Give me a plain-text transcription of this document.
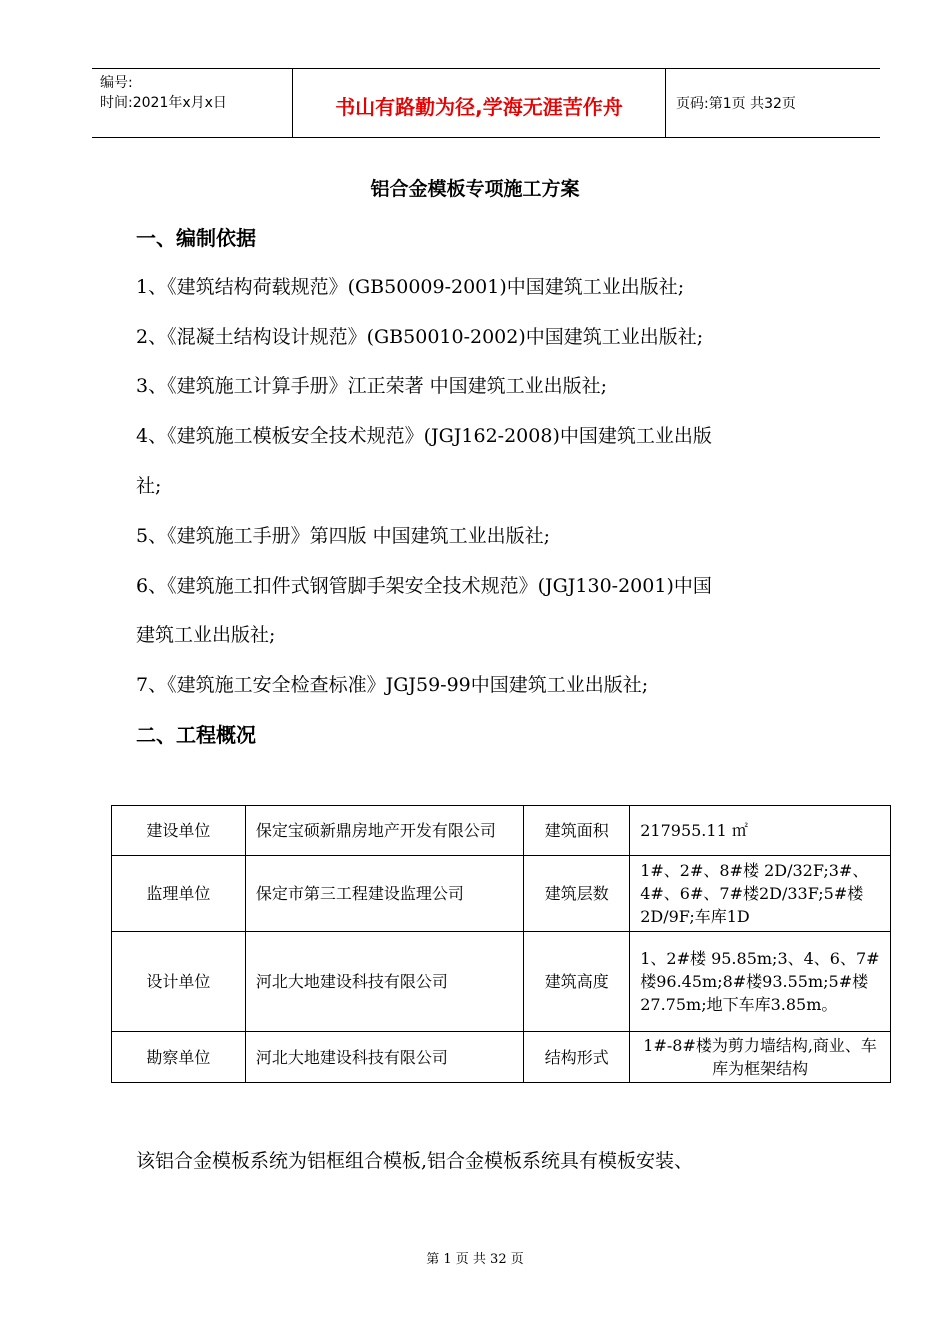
编号:
时间:2021年x月x日	书山有路勤为径,学海无涯苦作舟	页码:第1页 共32页
铝合金模板专项施工方案
一、编制依据
1、《建筑结构荷载规范》(GB50009-2001)中国建筑工业出版社;
2、《混凝土结构设计规范》(GB50010-2002)中国建筑工业出版社;
3、《建筑施工计算手册》江正荣著 中国建筑工业出版社;
4、《建筑施工模板安全技术规范》(JGJ162-2008)中国建筑工业出版
社;
5、《建筑施工手册》第四版 中国建筑工业出版社;
6、《建筑施工扣件式钢管脚手架安全技术规范》(JGJ130-2001)中国
建筑工业出版社;
7、《建筑施工安全检查标准》JGJ59-99中国建筑工业出版社;
二、工程概况
建设单位	保定宝硕新鼎房地产开发有限公司	建筑面积	217955.11 ㎡
监理单位	保定市第三工程建设监理公司	建筑层数	1#、2#、8#楼 2D/32F;3#、4#、6#、7#楼2D/33F;5#楼2D/9F;车库1D
设计单位	河北大地建设科技有限公司	建筑高度	1、2#楼 95.85m;3、4、6、7#楼96.45m;8#楼93.55m;5#楼27.75m;地下车库3.85m。
勘察单位	河北大地建设科技有限公司	结构形式	1#-8#楼为剪力墙结构,商业、车库为框架结构
该铝合金模板系统为铝框组合模板,铝合金模板系统具有模板安装、
第 1 页 共 32 页
